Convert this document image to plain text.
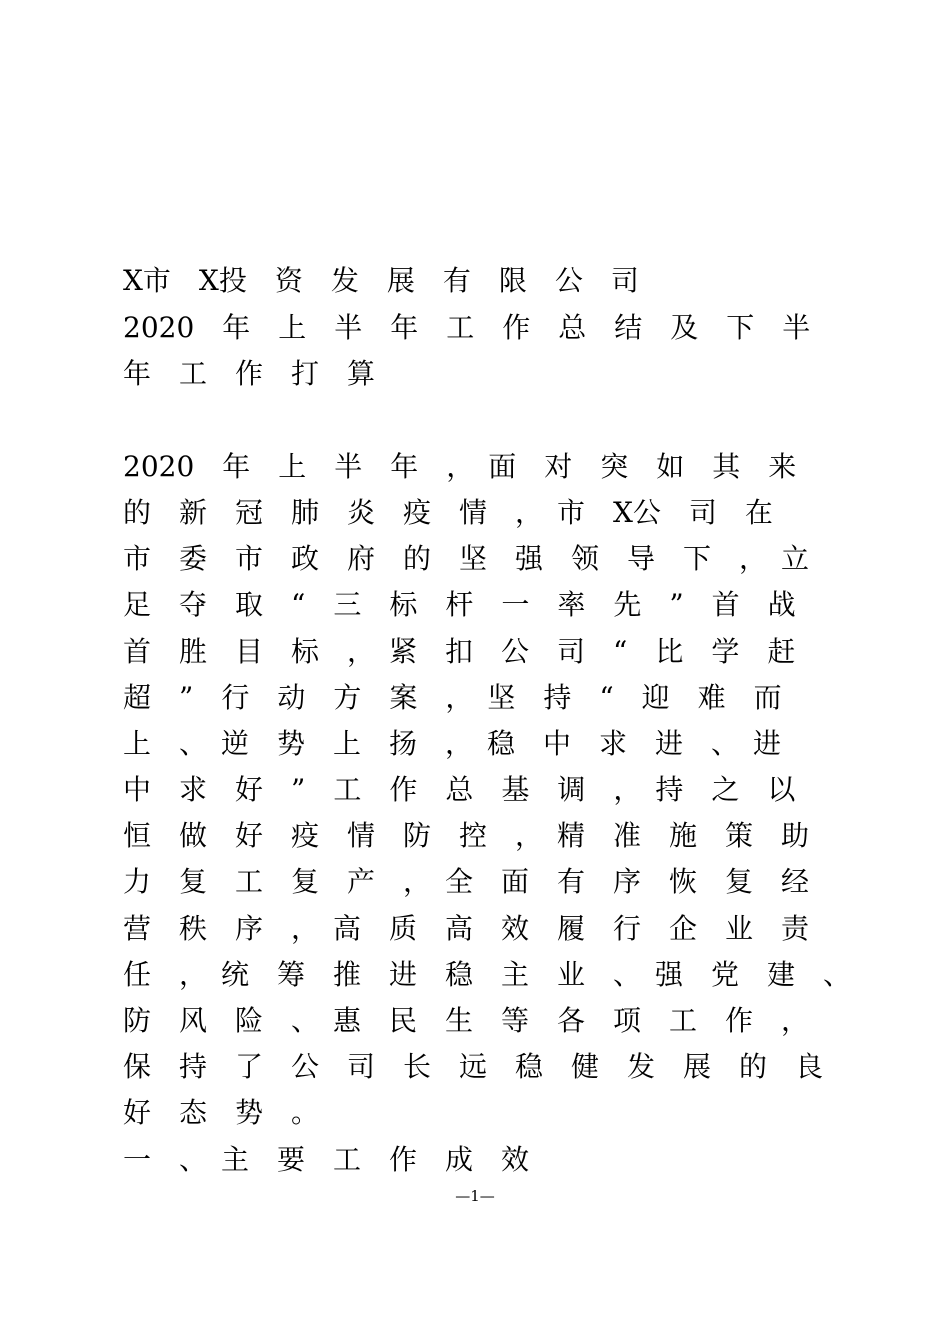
X市　X投　资　发　展　有　限　公　司
2020　年　上　半　年　工　作　总　结　及　下　半
年　工　作　打　算
2020　年　上　半　年　，　面　对　突　如　其　来
的　新　冠　肺　炎　疫　情　，　市　X公　司　在
市　委　市　政　府　的　坚　强　领　导　下　，　立
足　夺　取　“　三　标　杆　一　率　先　”　首　战
首　胜　目　标　，　紧　扣　公　司　“　比　学　赶
超　”　行　动　方　案　，　坚　持　“　迎　难　而
上　、　逆　势　上　扬　，　稳　中　求　进　、　进
中　求　好　”　工　作　总　基　调　，　持　之　以
恒　做　好　疫　情　防　控　，　精　准　施　策　助
力　复　工　复　产　，　全　面　有　序　恢　复　经
营　秩　序　，　高　质　高　效　履　行　企　业　责
任　，　统　筹　推　进　稳　主　业　、　强　党　建　、
防　风　险　、　惠　民　生　等　各　项　工　作　，
保　持　了　公　司　长　远　稳　健　发　展　的　良
好　态　势　。
一　、　主　要　工　作　成　效
—1—
